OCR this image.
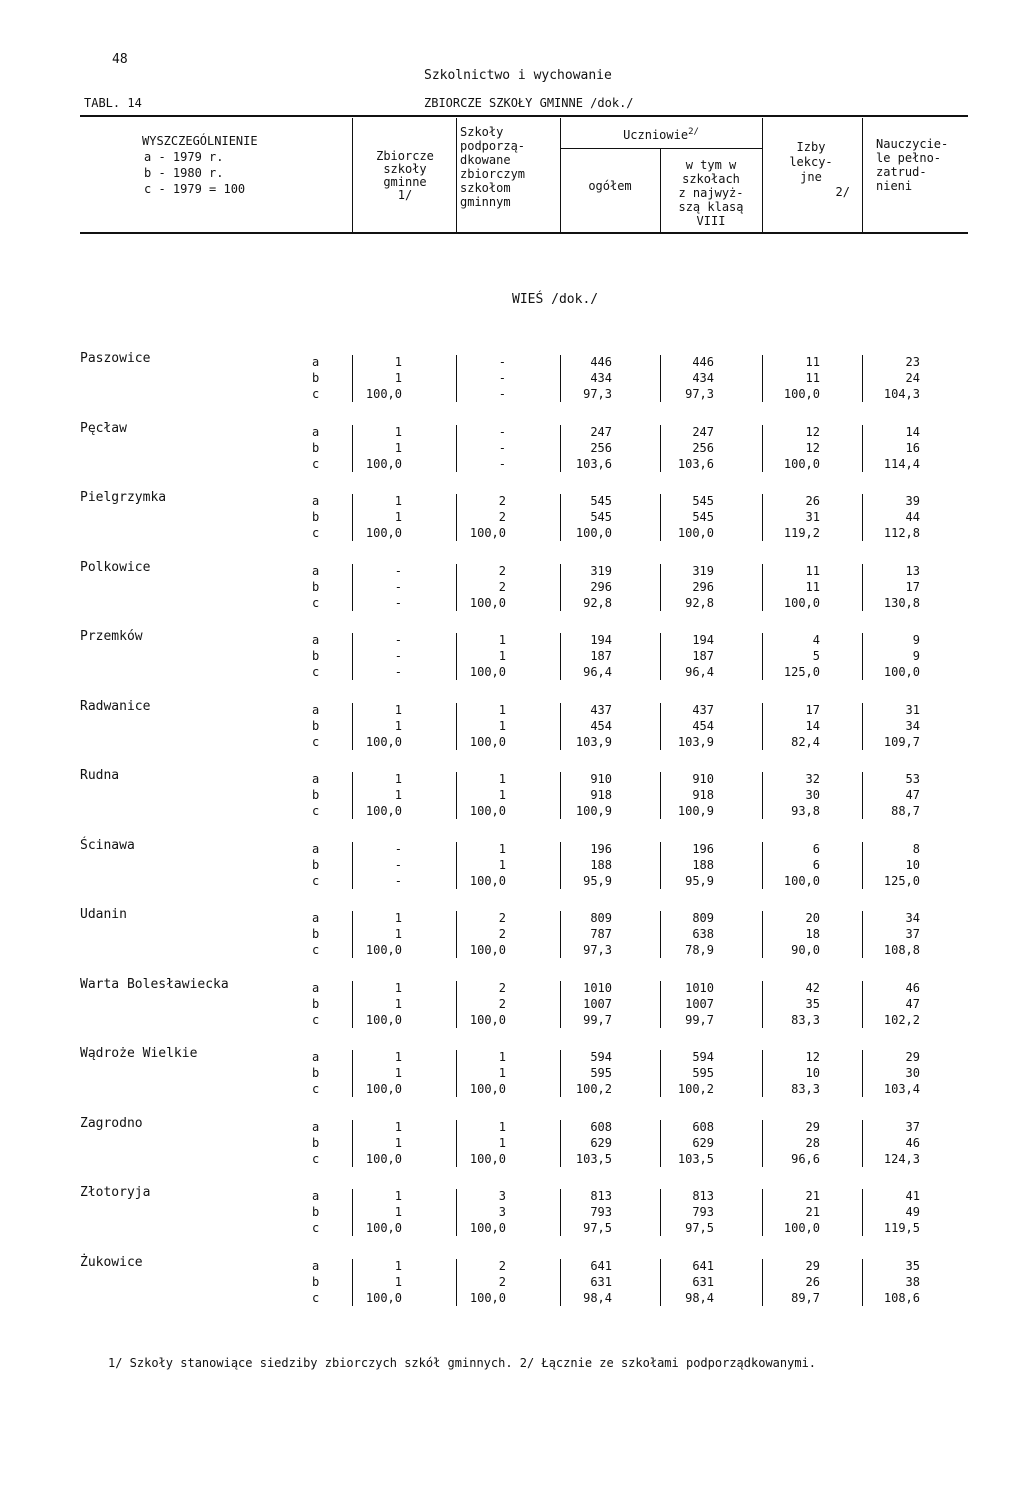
48
Szkolnictwo i wychowanie
TABL. 14	ZBIORCZE SZKOŁY GMINNE /dok./
WYSZCZEGÓLNIENIE
a - 1979 r.
b - 1980 r.
c - 1979 = 100
Zbiorcze
szkoły
gminne
1/
Szkoły
podporzą-
dkowane
zbiorczym
szkołom
gminnym
Uczniowie$^{2/}$
ogółem
w tym w
szkołach
z najwyż-
szą klasą
VIII
Izby
lekcy-
jne
2/
Nauczycie-
le pełno-
zatrud-
nieni
WIEŚ /dok./
Paszowice	a	1	-	446	446	11	23
b	1	-	434	434	11	24
c	100,0	-	97,3	97,3	100,0	104,3
Pęcław	a	1	-	247	247	12	14
b	1	-	256	256	12	16
c	100,0	-	103,6	103,6	100,0	114,4
Pielgrzymka	a	1	2	545	545	26	39
b	1	2	545	545	31	44
c	100,0	100,0	100,0	100,0	119,2	112,8
Polkowice	a	-	2	319	319	11	13
b	-	2	296	296	11	17
c	-	100,0	92,8	92,8	100,0	130,8
Przemków	a	-	1	194	194	4	9
b	-	1	187	187	5	9
c	-	100,0	96,4	96,4	125,0	100,0
Radwanice	a	1	1	437	437	17	31
b	1	1	454	454	14	34
c	100,0	100,0	103,9	103,9	82,4	109,7
Rudna	a	1	1	910	910	32	53
b	1	1	918	918	30	47
c	100,0	100,0	100,9	100,9	93,8	88,7
Ścinawa	a	-	1	196	196	6	8
b	-	1	188	188	6	10
c	-	100,0	95,9	95,9	100,0	125,0
Udanin	a	1	2	809	809	20	34
b	1	2	787	638	18	37
c	100,0	100,0	97,3	78,9	90,0	108,8
Warta Bolesławiecka	a	1	2	1010	1010	42	46
b	1	2	1007	1007	35	47
c	100,0	100,0	99,7	99,7	83,3	102,2
Wądroże Wielkie	a	1	1	594	594	12	29
b	1	1	595	595	10	30
c	100,0	100,0	100,2	100,2	83,3	103,4
Zagrodno	a	1	1	608	608	29	37
b	1	1	629	629	28	46
c	100,0	100,0	103,5	103,5	96,6	124,3
Złotoryja	a	1	3	813	813	21	41
b	1	3	793	793	21	49
c	100,0	100,0	97,5	97,5	100,0	119,5
Żukowice	a	1	2	641	641	29	35
b	1	2	631	631	26	38
c	100,0	100,0	98,4	98,4	89,7	108,6
1/ Szkoły stanowiące siedziby zbiorczych szkół gminnych. 2/ Łącznie ze szkołami podporządkowanymi.
